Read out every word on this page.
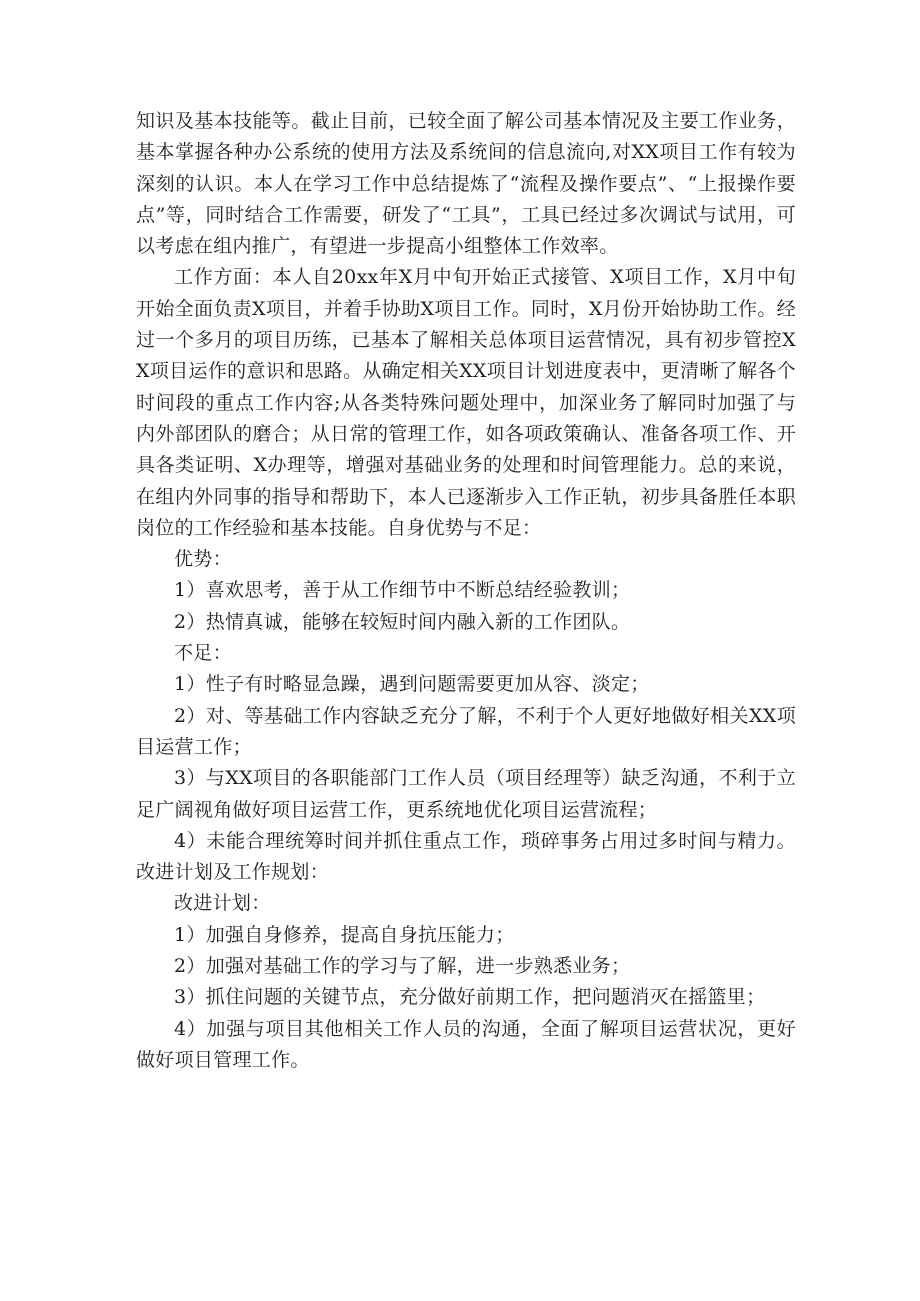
知识及基本技能等。截止目前，已较全面了解公司基本情况及主要工作业务，基本掌握各种办公系统的使用方法及系统间的信息流向,对XX项目工作有较为深刻的认识。本人在学习工作中总结提炼了“流程及操作要点”、“上报操作要点”等，同时结合工作需要，研发了“工具”，工具已经过多次调试与试用，可以考虑在组内推广，有望进一步提高小组整体工作效率。

工作方面：本人自20xx年X月中旬开始正式接管、X项目工作，X月中旬开始全面负责X项目，并着手协助X项目工作。同时，X月份开始协助工作。经过一个多月的项目历练，已基本了解相关总体项目运营情况，具有初步管控XX项目运作的意识和思路。从确定相关XX项目计划进度表中，更清晰了解各个时间段的重点工作内容;从各类特殊问题处理中，加深业务了解同时加强了与内外部团队的磨合；从日常的管理工作，如各项政策确认、准备各项工作、开具各类证明、X办理等，增强对基础业务的处理和时间管理能力。总的来说，在组内外同事的指导和帮助下，本人已逐渐步入工作正轨，初步具备胜任本职岗位的工作经验和基本技能。自身优势与不足：

优势：

1）喜欢思考，善于从工作细节中不断总结经验教训；

2）热情真诚，能够在较短时间内融入新的工作团队。

不足：

1）性子有时略显急躁，遇到问题需要更加从容、淡定；

2）对、等基础工作内容缺乏充分了解，不利于个人更好地做好相关XX项目运营工作；

3）与XX项目的各职能部门工作人员（项目经理等）缺乏沟通，不利于立足广阔视角做好项目运营工作，更系统地优化项目运营流程；

4）未能合理统筹时间并抓住重点工作，琐碎事务占用过多时间与精力。改进计划及工作规划：

改进计划：

1）加强自身修养，提高自身抗压能力；

2）加强对基础工作的学习与了解，进一步熟悉业务；

3）抓住问题的关键节点，充分做好前期工作，把问题消灭在摇篮里；

4）加强与项目其他相关工作人员的沟通，全面了解项目运营状况，更好做好项目管理工作。
